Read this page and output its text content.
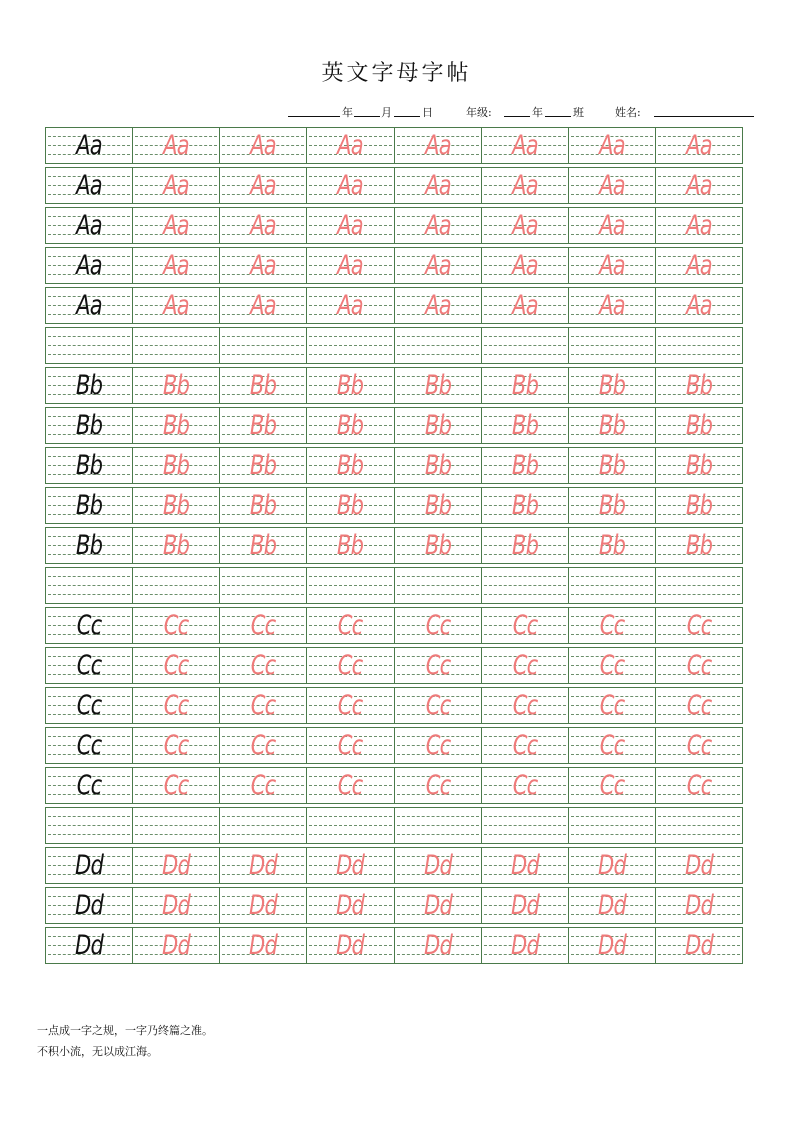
英文字母字帖
年	月	日	年级:	年	班	姓名:
Aa	Aa	Aa	Aa	Aa	Aa	Aa	Aa
Aa	Aa	Aa	Aa	Aa	Aa	Aa	Aa
Aa	Aa	Aa	Aa	Aa	Aa	Aa	Aa
Aa	Aa	Aa	Aa	Aa	Aa	Aa	Aa
Aa	Aa	Aa	Aa	Aa	Aa	Aa	Aa
Bb	Bb	Bb	Bb	Bb	Bb	Bb	Bb
Bb	Bb	Bb	Bb	Bb	Bb	Bb	Bb
Bb	Bb	Bb	Bb	Bb	Bb	Bb	Bb
Bb	Bb	Bb	Bb	Bb	Bb	Bb	Bb
Bb	Bb	Bb	Bb	Bb	Bb	Bb	Bb
Cc	Cc	Cc	Cc	Cc	Cc	Cc	Cc
Cc	Cc	Cc	Cc	Cc	Cc	Cc	Cc
Cc	Cc	Cc	Cc	Cc	Cc	Cc	Cc
Cc	Cc	Cc	Cc	Cc	Cc	Cc	Cc
Cc	Cc	Cc	Cc	Cc	Cc	Cc	Cc
Dd	Dd	Dd	Dd	Dd	Dd	Dd	Dd
Dd	Dd	Dd	Dd	Dd	Dd	Dd	Dd
Dd	Dd	Dd	Dd	Dd	Dd	Dd	Dd
一点成一字之规，一字乃终篇之准。
不积小流，无以成江海。
